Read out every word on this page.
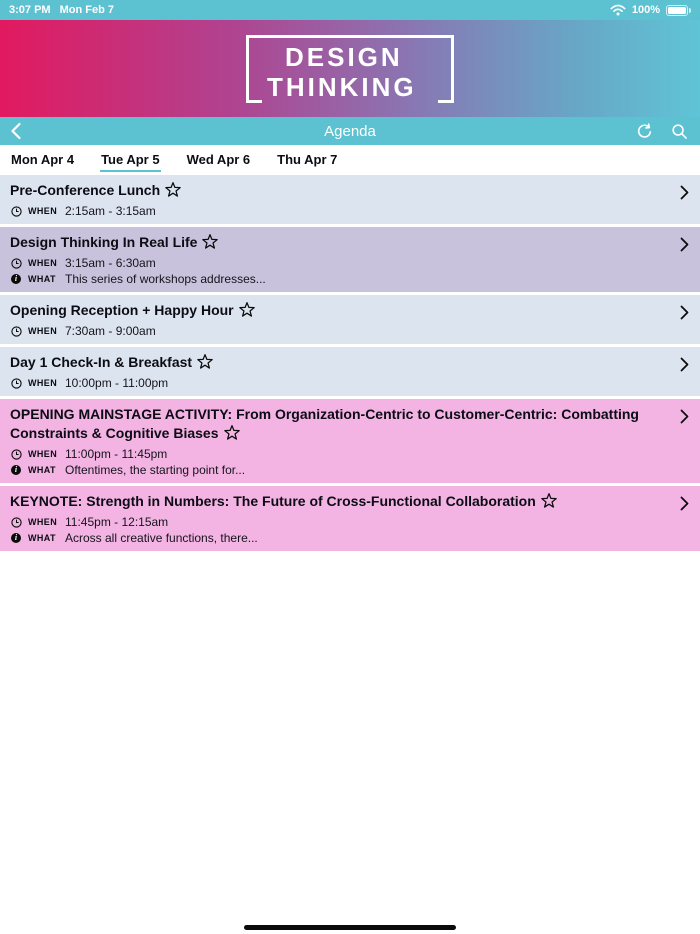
3:07 PM Mon Feb 7	100%
DESIGN
THINKING
Agenda
Mon Apr 4 Tue Apr 5 Wed Apr 6 Thu Apr 7
Pre-Conference Lunch
WHEN 2:15am - 3:15am
Design Thinking In Real Life
WHEN 3:15am - 6:30am
i	WHAT This series of workshops addresses...
Opening Reception + Happy Hour
WHEN 7:30am - 9:00am
Day 1 Check-In & Breakfast
WHEN 10:00pm - 11:00pm
OPENING MAINSTAGE ACTIVITY: From Organization-Centric to Customer-Centric: Combatting Constraints & Cognitive Biases
WHEN 11:00pm - 11:45pm
i	WHAT Oftentimes, the starting point for...
KEYNOTE: Strength in Numbers: The Future of Cross-Functional Collaboration
WHEN 11:45pm - 12:15am
i	WHAT Across all creative functions, there...
